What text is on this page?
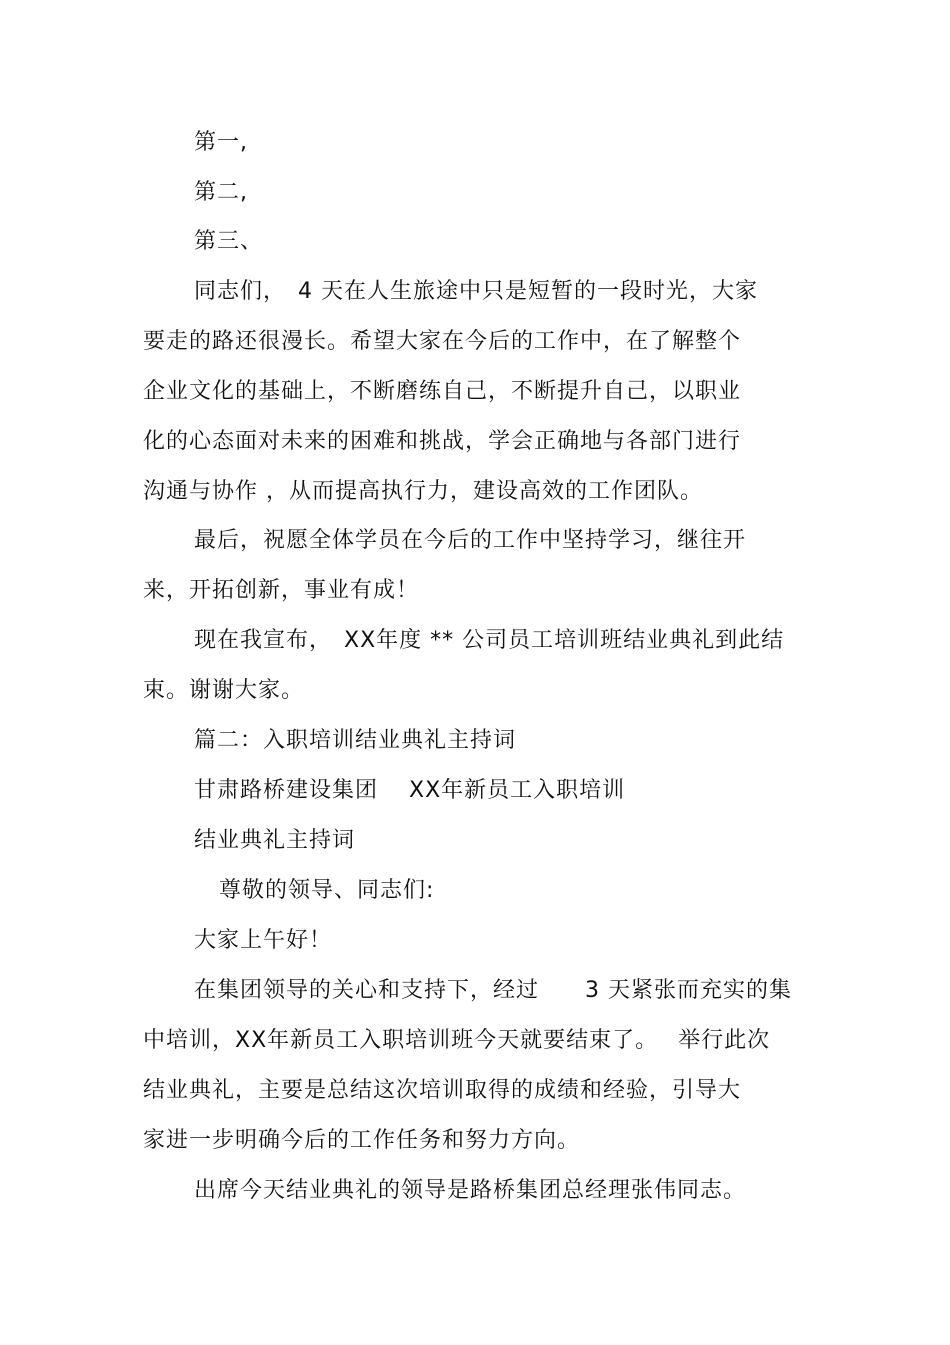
第一,
第二,
第三、
同志们，　4 天在人生旅途中只是短暂的一段时光，大家
要走的路还很漫长。希望大家在今后的工作中，在了解整个
企业文化的基础上，不断磨练自己，不断提升自己，以职业
化的心态面对未来的困难和挑战，学会正确地与各部门进行
沟通与协作 ，从而提高执行力，建设高效的工作团队。
最后，祝愿全体学员在今后的工作中坚持学习，继往开
来，开拓创新，事业有成！
现在我宣布，　XX年度 ** 公司员工培训班结业典礼到此结
束。谢谢大家。
篇二：入职培训结业典礼主持词
甘肃路桥建设集团　 XX年新员工入职培训
结业典礼主持词
尊敬的领导、同志们:
大家上午好！
在集团领导的关心和支持下，经过　　3 天紧张而充实的集
中培训，XX年新员工入职培训班今天就要结束了。　 举行此次
结业典礼，主要是总结这次培训取得的成绩和经验，引导大
家进一步明确今后的工作任务和努力方向。
出席今天结业典礼的领导是路桥集团总经理张伟同志。
